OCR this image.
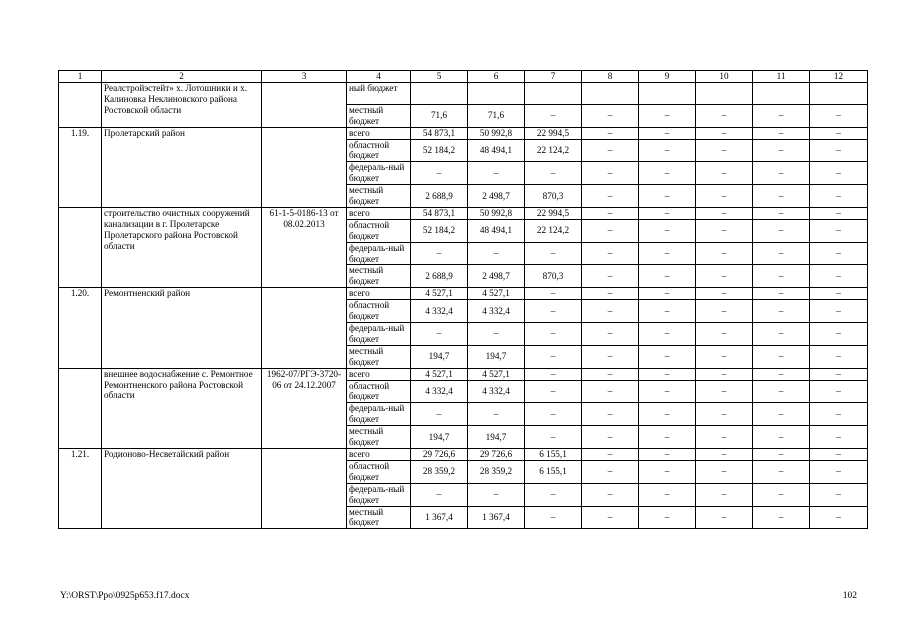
1	2	3	4	5	6	7	8	9	10	11	12
	Реалстройэстейт» х. Лотошники и х. Калиновка Неклиновского района Ростовской области		ный бюджет								
			местный бюджет	71,6	71,6	–	–	–	–	–	–
1.19.	Пролетарский район		всего	54 873,1	50 992,8	22 994,5	–	–	–	–	–
			областной бюджет	52 184,2	48 494,1	22 124,2	–	–	–	–	–
			федераль-ный бюджет	–	–	–	–	–	–	–	–
			местный бюджет	2 688,9	2 498,7	870,3	–	–	–	–	–
	строительство очистных сооружений канализации в г. Пролетарске Пролетарского района Ростовской области	61-1-5-0186-13 от 08.02.2013	всего	54 873,1	50 992,8	22 994,5	–	–	–	–	–
			областной бюджет	52 184,2	48 494,1	22 124,2	–	–	–	–	–
			федераль-ный бюджет	–	–	–	–	–	–	–	–
			местный бюджет	2 688,9	2 498,7	870,3	–	–	–	–	–
1.20.	Ремонтненский район		всего	4 527,1	4 527,1	–	–	–	–	–	–
			областной бюджет	4 332,4	4 332,4	–	–	–	–	–	–
			федераль-ный бюджет	–	–	–	–	–	–	–	–
			местный бюджет	194,7	194,7	–	–	–	–	–	–
	внешнее водоснабжение с. Ремонтное Ремонтненского района Ростовской области	1962-07/РГЭ-3720-06 от 24.12.2007	всего	4 527,1	4 527,1	–	–	–	–	–	–
			областной бюджет	4 332,4	4 332,4	–	–	–	–	–	–
			федераль-ный бюджет	–	–	–	–	–	–	–	–
			местный бюджет	194,7	194,7	–	–	–	–	–	–
1.21.	Родионово-Несветайский район		всего	29 726,6	29 726,6	6 155,1	–	–	–	–	–
			областной бюджет	28 359,2	28 359,2	6 155,1	–	–	–	–	–
			федераль-ный бюджет	–	–	–	–	–	–	–	–
			местный бюджет	1 367,4	1 367,4	–	–	–	–	–	–
Y:\ORST\Ppo\0925p653.f17.docx	102
